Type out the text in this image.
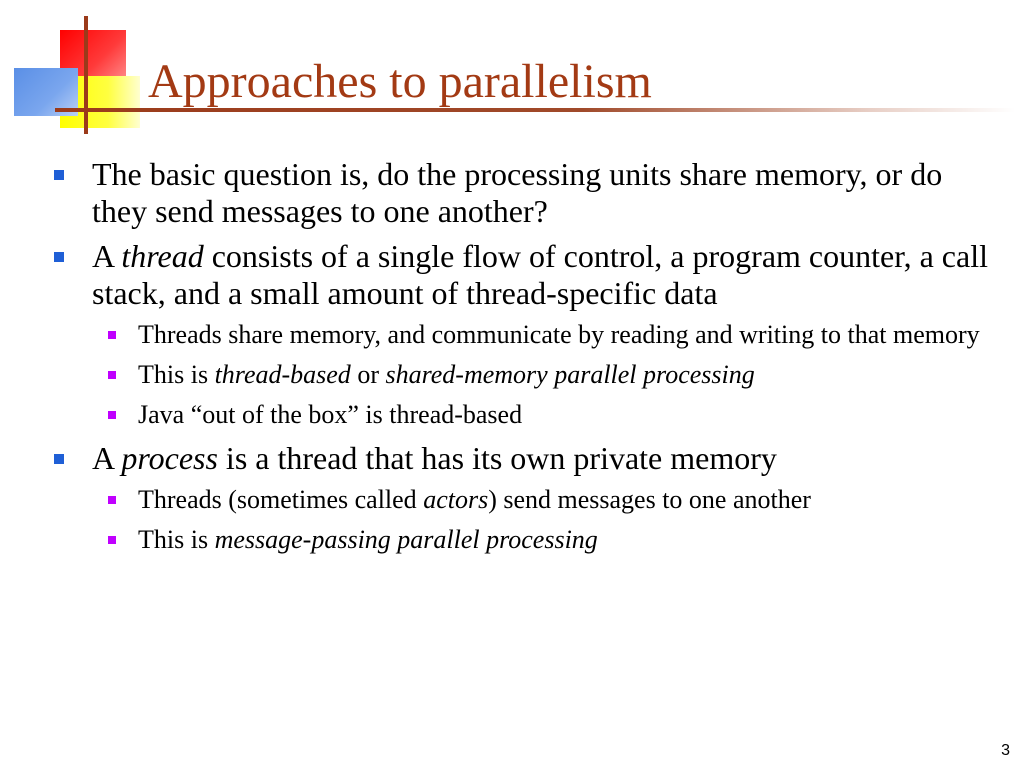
Approaches to parallelism
The basic question is, do the processing units share memory, or do they send messages to one another?
A thread consists of a single flow of control, a program counter, a call stack, and a small amount of thread-specific data
Threads share memory, and communicate by reading and writing to that memory
This is thread-based or shared-memory parallel processing
Java “out of the box” is thread-based
A process is a thread that has its own private memory
Threads (sometimes called actors) send messages to one another
This is message-passing parallel processing
3
